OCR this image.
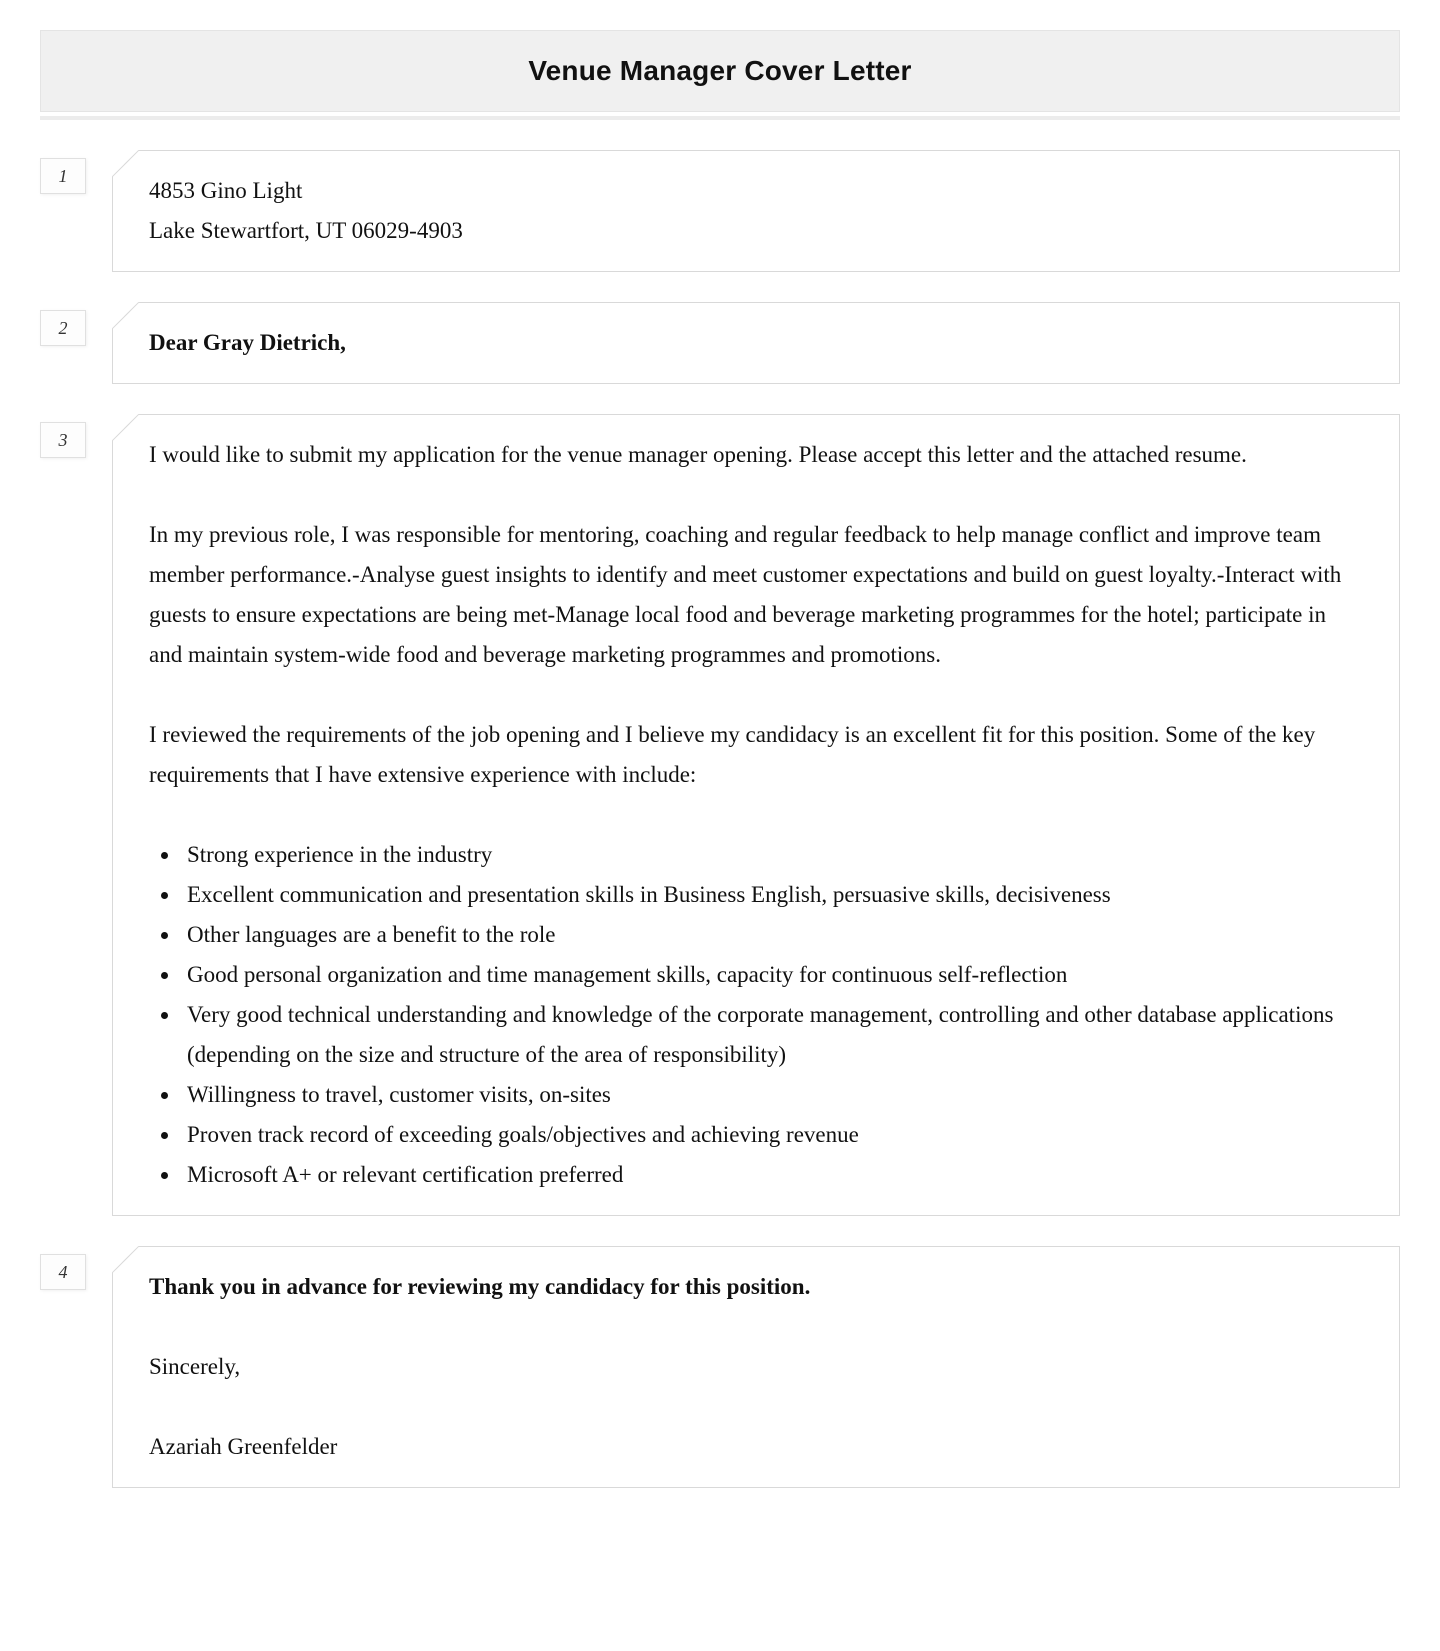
Venue Manager Cover Letter
1
4853 Gino Light
Lake Stewartfort, UT 06029-4903
2
Dear Gray Dietrich,
3

I would like to submit my application for the venue manager opening. Please accept this letter and the attached resume.

In my previous role, I was responsible for mentoring, coaching and regular feedback to help manage conflict and improve team member performance.-Analyse guest insights to identify and meet customer expectations and build on guest loyalty.-Interact with guests to ensure expectations are being met-Manage local food and beverage marketing programmes for the hotel; participate in and maintain system-wide food and beverage marketing programmes and promotions.

I reviewed the requirements of the job opening and I believe my candidacy is an excellent fit for this position. Some of the key requirements that I have extensive experience with include:

• Strong experience in the industry
• Excellent communication and presentation skills in Business English, persuasive skills, decisiveness
• Other languages are a benefit to the role
• Good personal organization and time management skills, capacity for continuous self-reflection
• Very good technical understanding and knowledge of the corporate management, controlling and other database applications (depending on the size and structure of the area of responsibility)
• Willingness to travel, customer visits, on-sites
• Proven track record of exceeding goals/objectives and achieving revenue
• Microsoft A+ or relevant certification preferred
4

Thank you in advance for reviewing my candidacy for this position.

Sincerely,

Azariah Greenfelder
